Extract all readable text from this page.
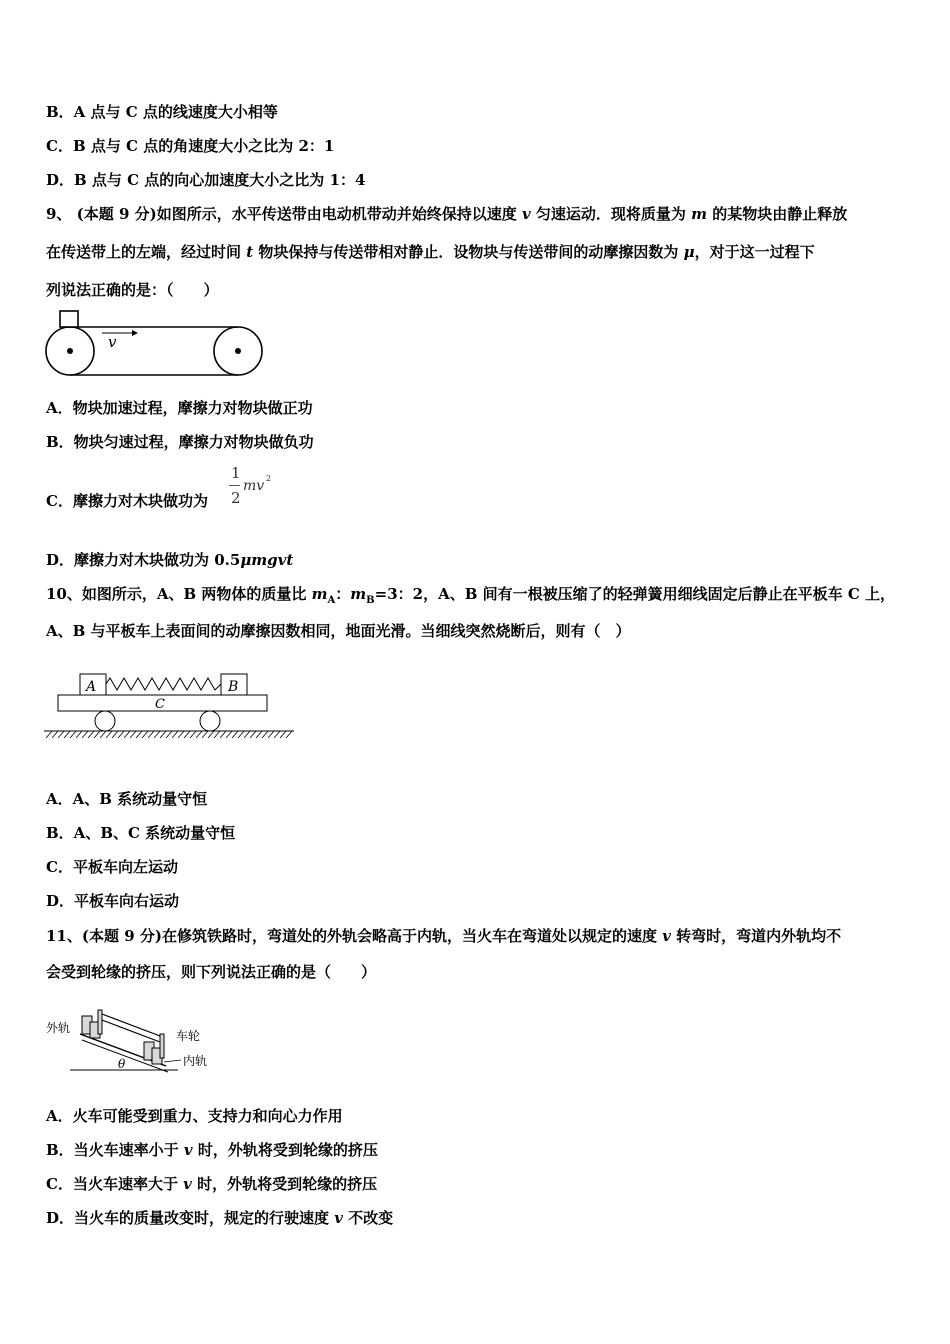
B．A 点与 C 点的线速度大小相等
C．B 点与 C 点的角速度大小之比为 2：1
D．B 点与 C 点的向心加速度大小之比为 1：4
9、 (本题 9 分)如图所示，水平传送带由电动机带动并始终保持以速度 v 匀速运动．现将质量为 m 的某物块由静止释放
在传送带上的左端，经过时间 t 物块保持与传送带相对静止．设物块与传送带间的动摩擦因数为 μ，对于这一过程下
列说法正确的是：（　　）
v
A．物块加速过程，摩擦力对物块做正功
B．物块匀速过程，摩擦力对物块做负功
C．摩擦力对木块做功为
1
2
mv 2
D．摩擦力对木块做功为 0.5μmgvt
10、如图所示，A、B 两物体的质量比 $m_A$：$m_B=3$：2，A、B 间有一根被压缩了的轻弹簧用细线固定后静止在平板车 C 上，
A、B 与平板车上表面间的动摩擦因数相同，地面光滑。当细线突然烧断后，则有（　）
A	B
C
A．A、B 系统动量守恒
B．A、B、C 系统动量守恒
C．平板车向左运动
D．平板车向右运动
11、(本题 9 分)在修筑铁路时，弯道处的外轨会略高于内轨，当火车在弯道处以规定的速度 v 转弯时，弯道内外轨均不
会受到轮缘的挤压，则下列说法正确的是（　　）
外轨
车轮
内轨
θ
A．火车可能受到重力、支持力和向心力作用
B．当火车速率小于 v 时，外轨将受到轮缘的挤压
C．当火车速率大于 v 时，外轨将受到轮缘的挤压
D．当火车的质量改变时，规定的行驶速度 v 不改变
